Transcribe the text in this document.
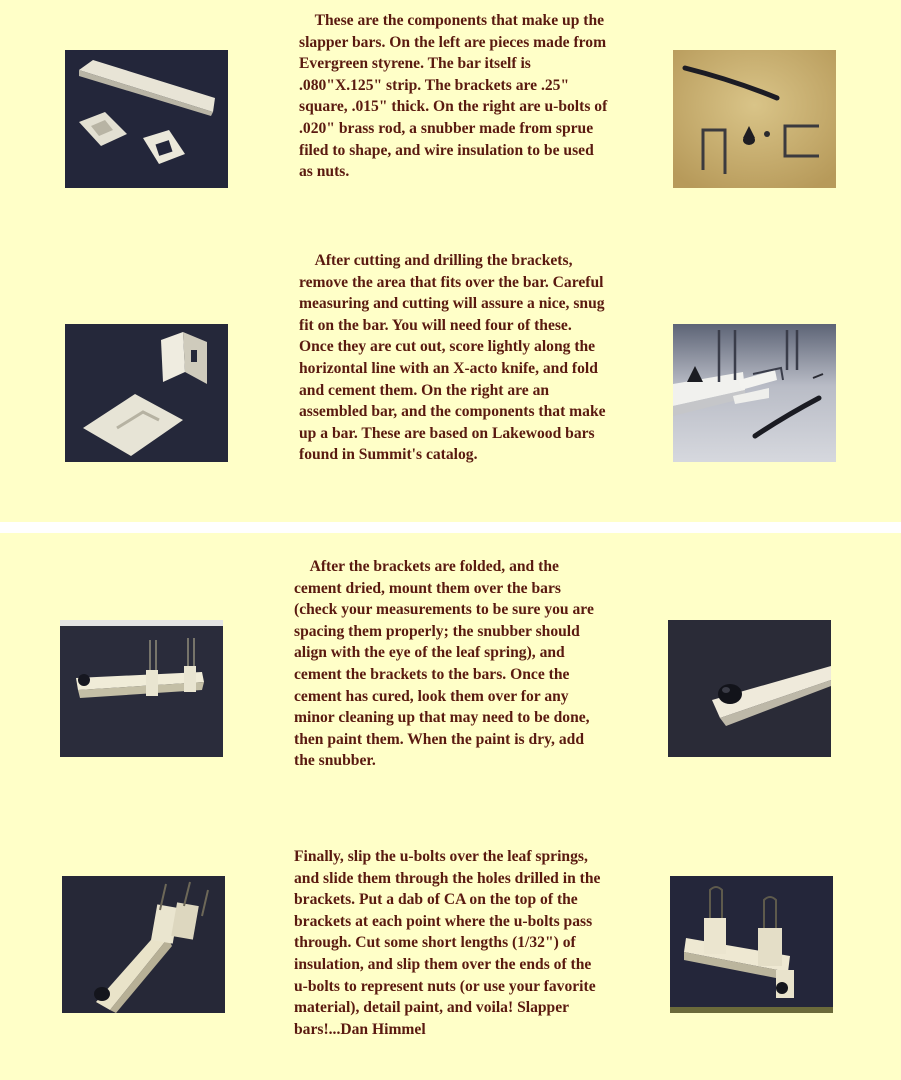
These are the components that make up the slapper bars. On the left are pieces made from Evergreen styrene. The bar itself is .080"X.125" strip. The brackets are .25" square, .015" thick. On the right are u-bolts of .020" brass rod, a snubber made from sprue filed to shape, and wire insulation to be used as nuts.

After cutting and drilling the brackets, remove the area that fits over the bar. Careful measuring and cutting will assure a nice, snug fit on the bar. You will need four of these. Once they are cut out, score lightly along the horizontal line with an X-acto knife, and fold and cement them. On the right are an assembled bar, and the components that make up a bar. These are based on Lakewood bars found in Summit's catalog.

After the brackets are folded, and the cement dried, mount them over the bars (check your measurements to be sure you are spacing them properly; the snubber should align with the eye of the leaf spring), and cement the brackets to the bars. Once the cement has cured, look them over for any minor cleaning up that may need to be done, then paint them. When the paint is dry, add the snubber.

Finally, slip the u-bolts over the leaf springs, and slide them through the holes drilled in the brackets. Put a dab of CA on the top of the brackets at each point where the u-bolts pass through. Cut some short lengths (1/32") of insulation, and slip them over the ends of the u-bolts to represent nuts (or use your favorite material), detail paint, and voila! Slapper bars!...Dan Himmel
